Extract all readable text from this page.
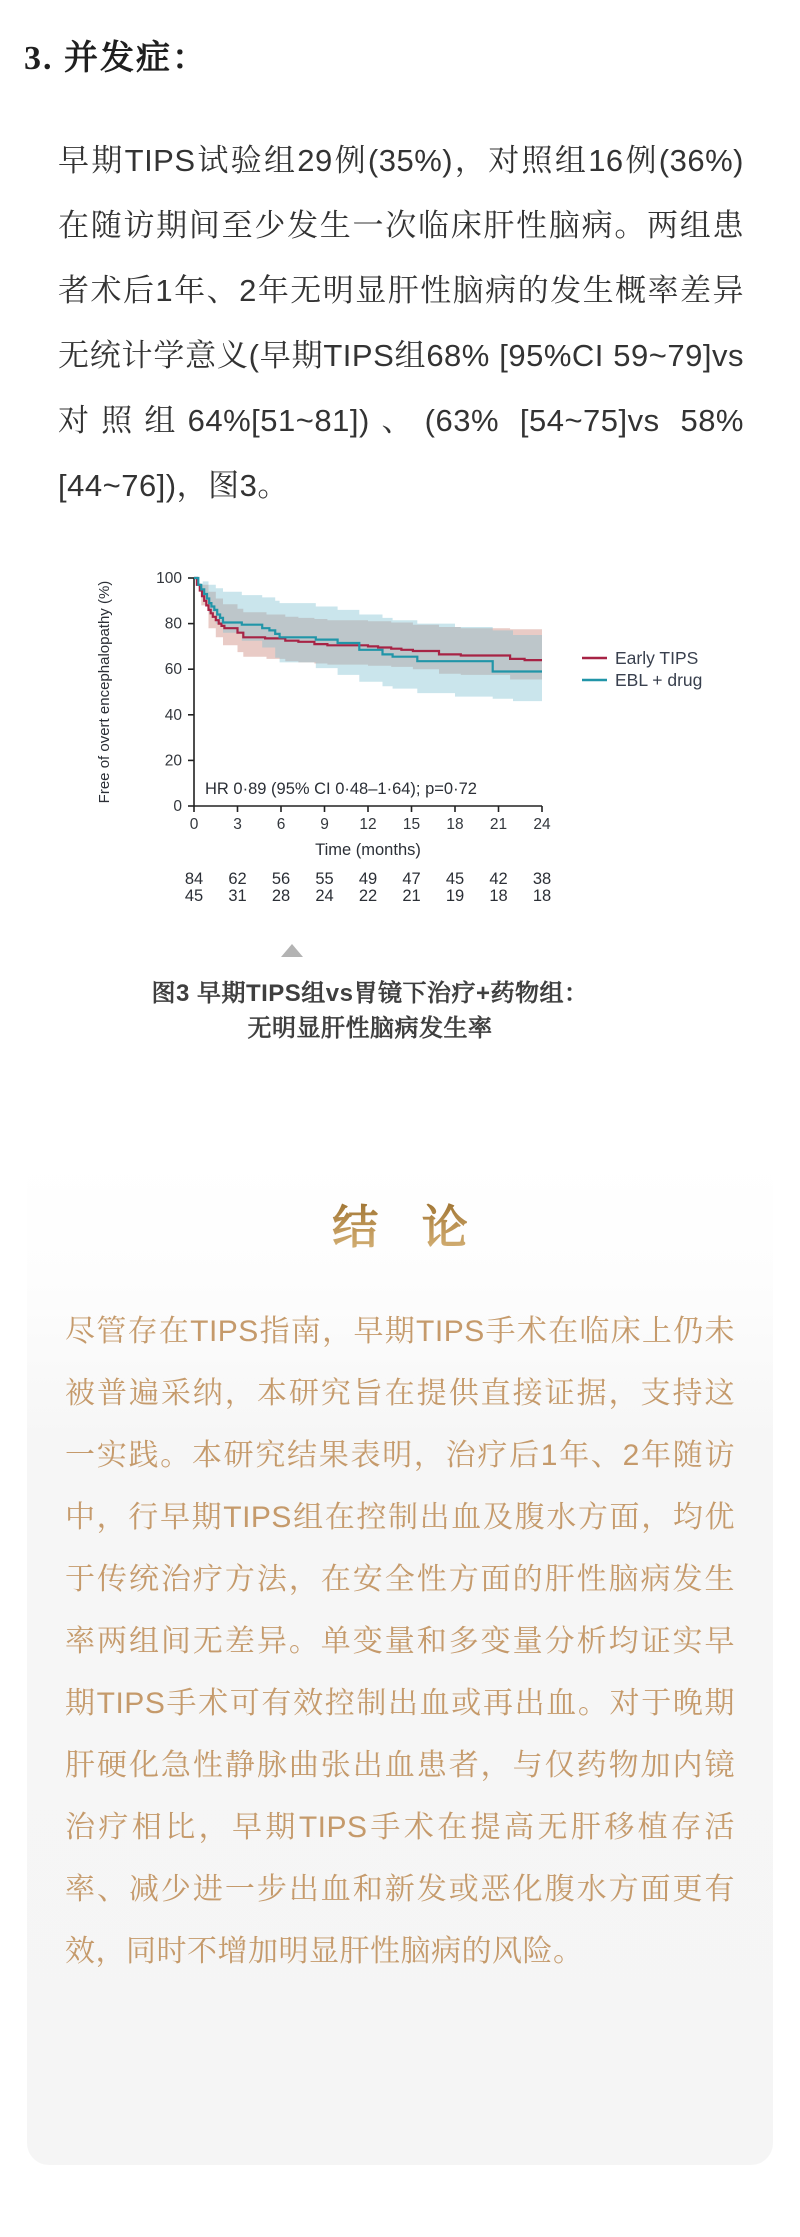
3. 并发症：
早期TIPS试验组29例(35%)，对照组16例(36%)在随访期间至少发生一次临床肝性脑病。两组患者术后1年、2年无明显肝性脑病的发生概率差异无统计学意义(早期TIPS组68% [95%CI 59~79]vs对照组64%[51~81])、(63% [54~75]vs 58%[44~76])，图3。
0
20
40
60
80
100
0 3 6 9 12 15 18 21 24
HR 0·89 (95% CI 0·48–1·64); p=0·72
Time (months)
Free of overt encephalopathy (%)	Early TIPS
EBL + drug
84 62 56 55 49 47 45 42 38
45 31 28 24 22 21 19 18 18
图3 早期TIPS组vs胃镜下治疗+药物组：
无明显肝性脑病发生率
结 论
尽管存在TIPS指南，早期TIPS手术在临床上仍未被普遍采纳，本研究旨在提供直接证据，支持这一实践。本研究结果表明，治疗后1年、2年随访中，行早期TIPS组在控制出血及腹水方面，均优于传统治疗方法，在安全性方面的肝性脑病发生率两组间无差异。单变量和多变量分析均证实早期TIPS手术可有效控制出血或再出血。对于晚期肝硬化急性静脉曲张出血患者，与仅药物加内镜治疗相比，早期TIPS手术在提高无肝移植存活率、减少进一步出血和新发或恶化腹水方面更有效，同时不增加明显肝性脑病的风险。
